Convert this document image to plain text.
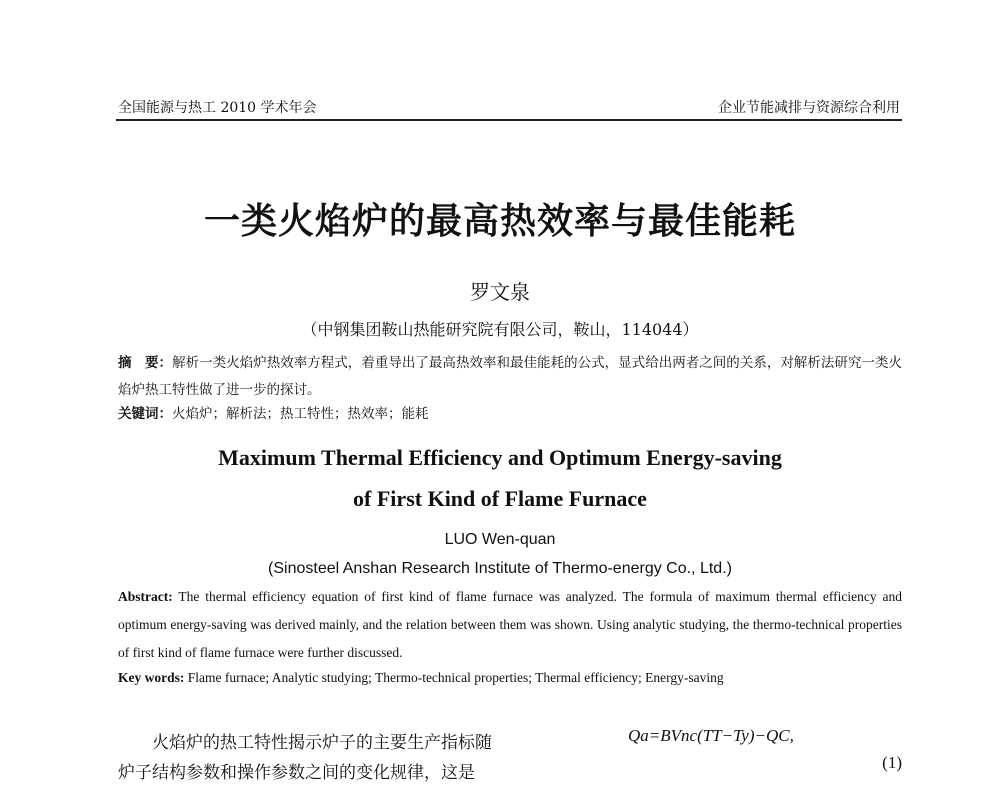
全国能源与热工 2010 学术年会	企业节能减排与资源综合利用
一类火焰炉的最高热效率与最佳能耗
罗文泉
（中钢集团鞍山热能研究院有限公司，鞍山，114044）
摘　要：解析一类火焰炉热效率方程式，着重导出了最高热效率和最佳能耗的公式，显式给出两者之间的关系，对解析法研究一类火焰炉热工特性做了进一步的探讨。
关键词：火焰炉；解析法；热工特性；热效率；能耗
Maximum Thermal Efficiency and Optimum Energy-saving
of First Kind of Flame Furnace
LUO Wen-quan
(Sinosteel Anshan Research Institute of Thermo-energy Co., Ltd.)
Abstract: The thermal efficiency equation of first kind of flame furnace was analyzed. The formula of maximum thermal efficiency and optimum energy-saving was derived mainly, and the relation between them was shown. Using analytic studying, the thermo-technical properties of first kind of flame furnace were further discussed.
Key words: Flame furnace; Analytic studying; Thermo-technical properties; Thermal efficiency; Energy-saving
火焰炉的热工特性揭示炉子的主要生产指标随炉子结构参数和操作参数之间的变化规律，这是
Qa=BVnc(TT−Ty)−QC,
(1)
